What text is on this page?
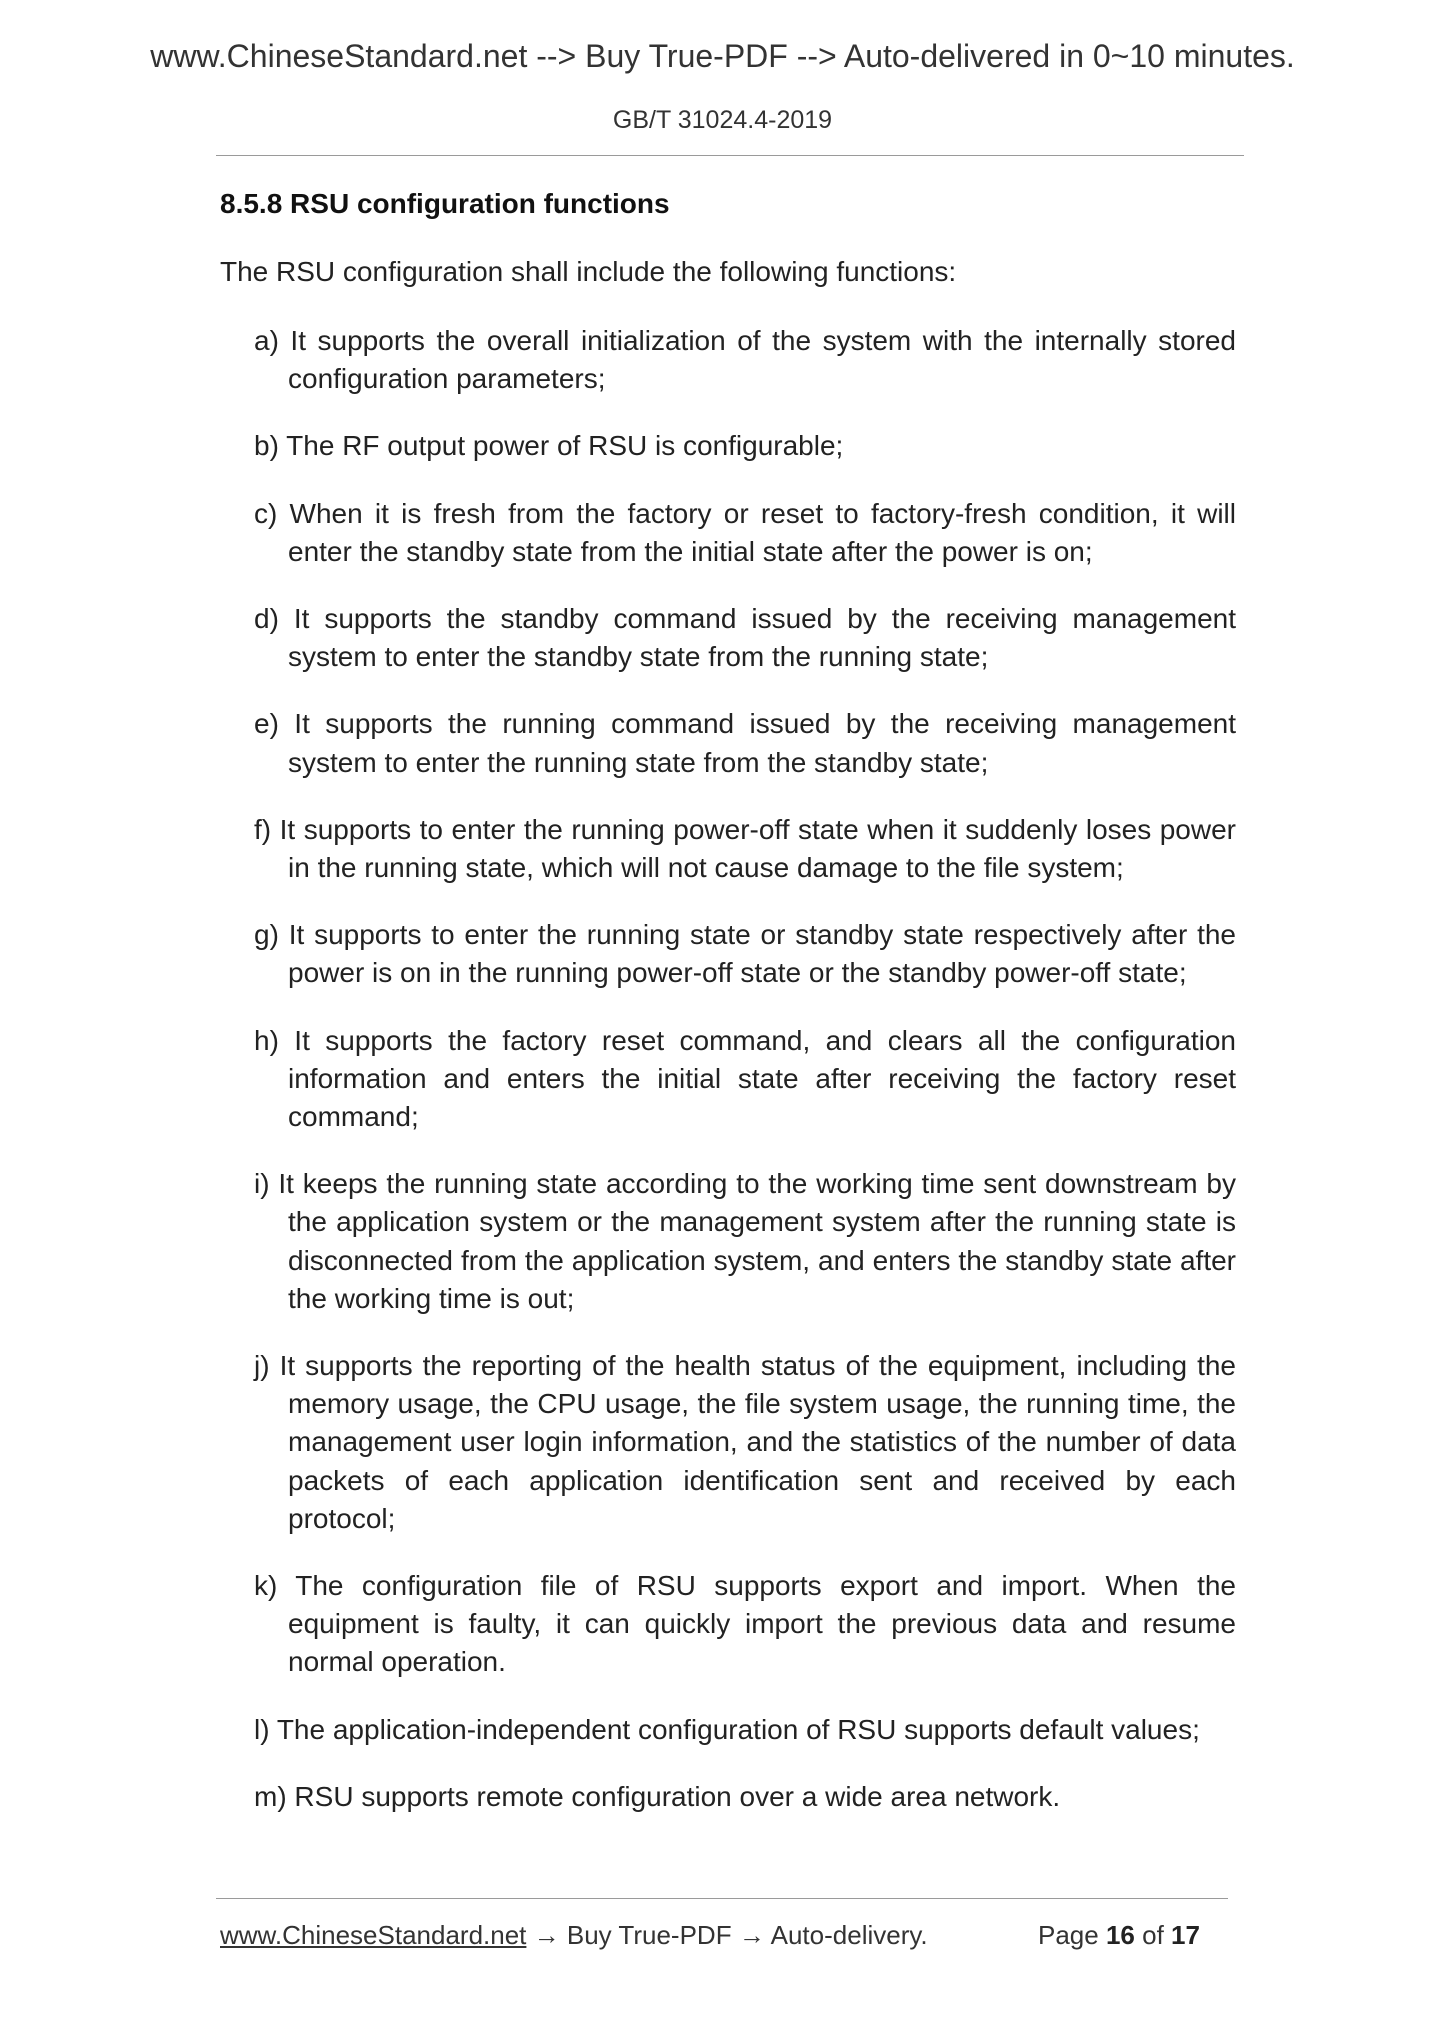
www.ChineseStandard.net --> Buy True-PDF --> Auto-delivered in 0~10 minutes.
GB/T 31024.4-2019
8.5.8 RSU configuration functions
The RSU configuration shall include the following functions:

a) It supports the overall initialization of the system with the internally stored configuration parameters;

b) The RF output power of RSU is configurable;

c) When it is fresh from the factory or reset to factory-fresh condition, it will enter the standby state from the initial state after the power is on;

d) It supports the standby command issued by the receiving management system to enter the standby state from the running state;

e) It supports the running command issued by the receiving management system to enter the running state from the standby state;

f) It supports to enter the running power-off state when it suddenly loses power in the running state, which will not cause damage to the file system;

g) It supports to enter the running state or standby state respectively after the power is on in the running power-off state or the standby power-off state;

h) It supports the factory reset command, and clears all the configuration information and enters the initial state after receiving the factory reset command;

i) It keeps the running state according to the working time sent downstream by the application system or the management system after the running state is disconnected from the application system, and enters the standby state after the working time is out;

j) It supports the reporting of the health status of the equipment, including the memory usage, the CPU usage, the file system usage, the running time, the management user login information, and the statistics of the number of data packets of each application identification sent and received by each protocol;

k) The configuration file of RSU supports export and import. When the equipment is faulty, it can quickly import the previous data and resume normal operation.

l) The application-independent configuration of RSU supports default values;

m) RSU supports remote configuration over a wide area network.

www.ChineseStandard.net → Buy True-PDF → Auto-delivery.	Page 16 of 17
